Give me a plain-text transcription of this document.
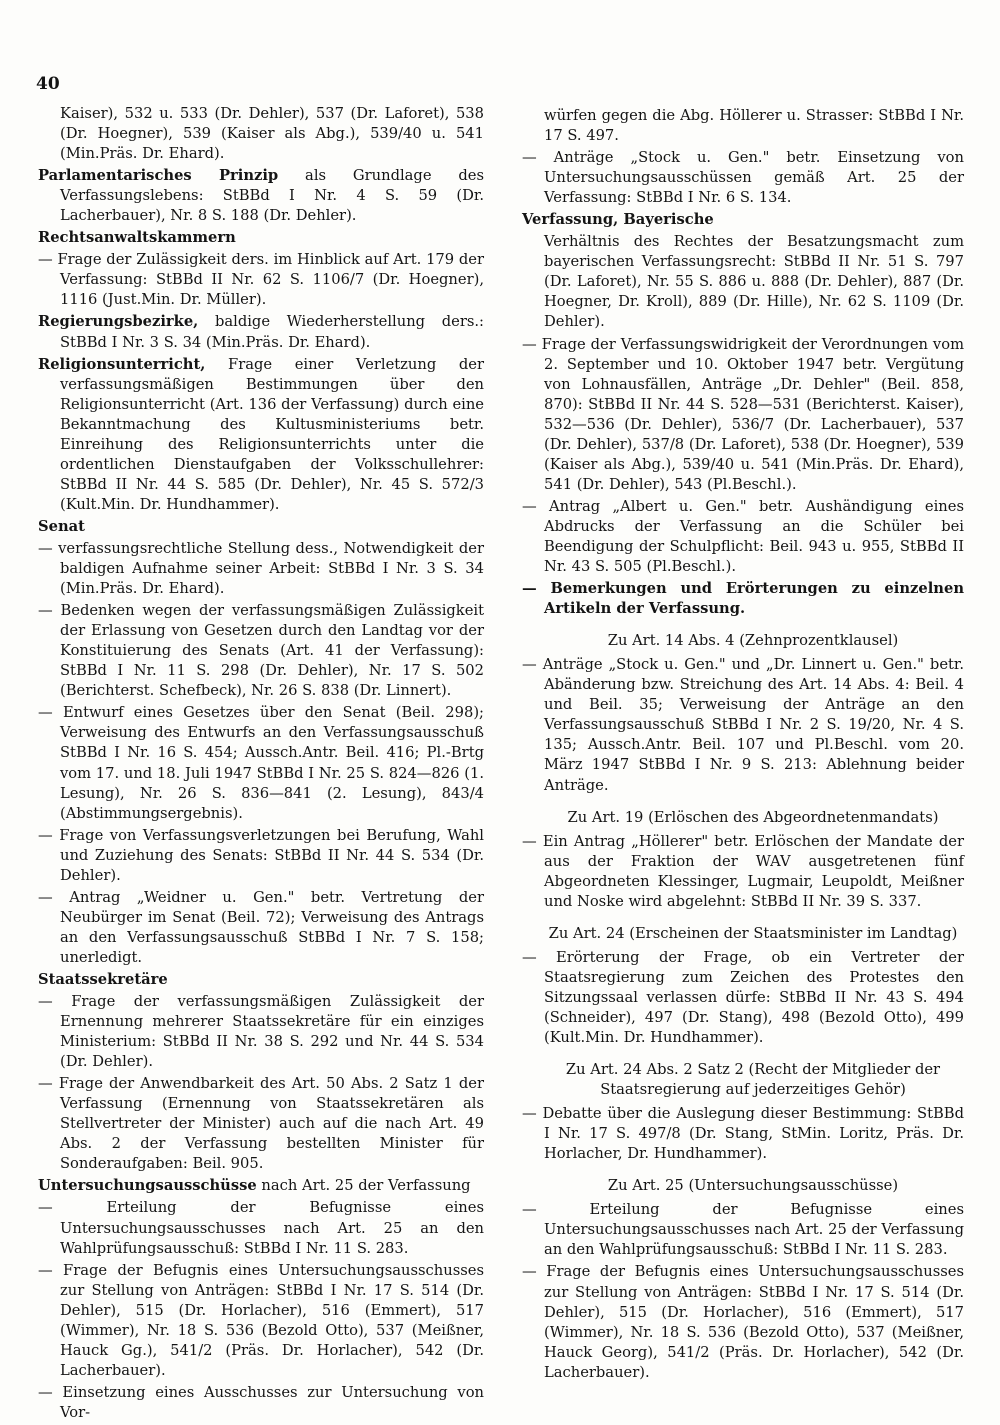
40

Kaiser), 532 u. 533 (Dr. Dehler), 537 (Dr. Laforet), 538 (Dr. Hoegner), 539 (Kaiser als Abg.), 539/40 u. 541 (Min.Präs. Dr. Ehard).

Parlamentarisches Prinzip als Grundlage des Verfassungslebens: StBBd I Nr. 4 S. 59 (Dr. Lacherbauer), Nr. 8 S. 188 (Dr. Dehler).

Rechtsanwaltskammern

— Frage der Zulässigkeit ders. im Hinblick auf Art. 179 der Verfassung: StBBd II Nr. 62 S. 1106/7 (Dr. Hoegner), 1116 (Just.Min. Dr. Müller).

Regierungsbezirke, baldige Wiederherstellung ders.: StBBd I Nr. 3 S. 34 (Min.Präs. Dr. Ehard).

Religionsunterricht, Frage einer Verletzung der verfassungsmäßigen Bestimmungen über den Religionsunterricht (Art. 136 der Verfassung) durch eine Bekanntmachung des Kultusministeriums betr. Einreihung des Religionsunterrichts unter die ordentlichen Dienstaufgaben der Volksschullehrer: StBBd II Nr. 44 S. 585 (Dr. Dehler), Nr. 45 S. 572/3 (Kult.Min. Dr. Hundhammer).

Senat

— verfassungsrechtliche Stellung dess., Notwendigkeit der baldigen Aufnahme seiner Arbeit: StBBd I Nr. 3 S. 34 (Min.Präs. Dr. Ehard).

— Bedenken wegen der verfassungsmäßigen Zulässigkeit der Erlassung von Gesetzen durch den Landtag vor der Konstituierung des Senats (Art. 41 der Verfassung): StBBd I Nr. 11 S. 298 (Dr. Dehler), Nr. 17 S. 502 (Berichterst. Schefbeck), Nr. 26 S. 838 (Dr. Linnert).

— Entwurf eines Gesetzes über den Senat (Beil. 298); Verweisung des Entwurfs an den Verfassungsausschuß StBBd I Nr. 16 S. 454; Aussch.Antr. Beil. 416; Pl.-Brtg vom 17. und 18. Juli 1947 StBBd I Nr. 25 S. 824—826 (1. Lesung), Nr. 26 S. 836—841 (2. Lesung), 843/4 (Abstimmungsergebnis).

— Frage von Verfassungsverletzungen bei Berufung, Wahl und Zuziehung des Senats: StBBd II Nr. 44 S. 534 (Dr. Dehler).

— Antrag „Weidner u. Gen." betr. Vertretung der Neubürger im Senat (Beil. 72); Verweisung des Antrags an den Verfassungsausschuß StBBd I Nr. 7 S. 158; unerledigt.

Staatssekretäre

— Frage der verfassungsmäßigen Zulässigkeit der Ernennung mehrerer Staatssekretäre für ein einziges Ministerium: StBBd II Nr. 38 S. 292 und Nr. 44 S. 534 (Dr. Dehler).

— Frage der Anwendbarkeit des Art. 50 Abs. 2 Satz 1 der Verfassung (Ernennung von Staatssekretären als Stellvertreter der Minister) auch auf die nach Art. 49 Abs. 2 der Verfassung bestellten Minister für Sonderaufgaben: Beil. 905.

Untersuchungsausschüsse nach Art. 25 der Verfassung

— Erteilung der Befugnisse eines Untersuchungsausschusses nach Art. 25 an den Wahlprüfungsausschuß: StBBd I Nr. 11 S. 283.

— Frage der Befugnis eines Untersuchungsausschusses zur Stellung von Anträgen: StBBd I Nr. 17 S. 514 (Dr. Dehler), 515 (Dr. Horlacher), 516 (Emmert), 517 (Wimmer), Nr. 18 S. 536 (Bezold Otto), 537 (Meißner, Hauck Gg.), 541/2 (Präs. Dr. Horlacher), 542 (Dr. Lacherbauer).

— Einsetzung eines Ausschusses zur Untersuchung von Vor-

würfen gegen die Abg. Höllerer u. Strasser: StBBd I Nr. 17 S. 497.

— Anträge „Stock u. Gen." betr. Einsetzung von Untersuchungsausschüssen gemäß Art. 25 der Verfassung: StBBd I Nr. 6 S. 134.

Verfassung, Bayerische

Verhältnis des Rechtes der Besatzungsmacht zum bayerischen Verfassungsrecht: StBBd II Nr. 51 S. 797 (Dr. Laforet), Nr. 55 S. 886 u. 888 (Dr. Dehler), 887 (Dr. Hoegner, Dr. Kroll), 889 (Dr. Hille), Nr. 62 S. 1109 (Dr. Dehler).

— Frage der Verfassungswidrigkeit der Verordnungen vom 2. September und 10. Oktober 1947 betr. Vergütung von Lohnausfällen, Anträge „Dr. Dehler" (Beil. 858, 870): StBBd II Nr. 44 S. 528—531 (Berichterst. Kaiser), 532—536 (Dr. Dehler), 536/7 (Dr. Lacherbauer), 537 (Dr. Dehler), 537/8 (Dr. Laforet), 538 (Dr. Hoegner), 539 (Kaiser als Abg.), 539/40 u. 541 (Min.Präs. Dr. Ehard), 541 (Dr. Dehler), 543 (Pl.Beschl.).

— Antrag „Albert u. Gen." betr. Aushändigung eines Abdrucks der Verfassung an die Schüler bei Beendigung der Schulpflicht: Beil. 943 u. 955, StBBd II Nr. 43 S. 505 (Pl.Beschl.).

— Bemerkungen und Erörterungen zu einzelnen Artikeln der Verfassung.

Zu Art. 14 Abs. 4 (Zehnprozentklausel)

— Anträge „Stock u. Gen." und „Dr. Linnert u. Gen." betr. Abänderung bzw. Streichung des Art. 14 Abs. 4: Beil. 4 und Beil. 35; Verweisung der Anträge an den Verfassungsausschuß StBBd I Nr. 2 S. 19/20, Nr. 4 S. 135; Aussch.Antr. Beil. 107 und Pl.Beschl. vom 20. März 1947 StBBd I Nr. 9 S. 213: Ablehnung beider Anträge.

Zu Art. 19 (Erlöschen des Abgeordnetenmandats)

— Ein Antrag „Höllerer" betr. Erlöschen der Mandate der aus der Fraktion der WAV ausgetretenen fünf Abgeordneten Klessinger, Lugmair, Leupoldt, Meißner und Noske wird abgelehnt: StBBd II Nr. 39 S. 337.

Zu Art. 24 (Erscheinen der Staatsminister im Landtag)

— Erörterung der Frage, ob ein Vertreter der Staatsregierung zum Zeichen des Protestes den Sitzungssaal verlassen dürfe: StBBd II Nr. 43 S. 494 (Schneider), 497 (Dr. Stang), 498 (Bezold Otto), 499 (Kult.Min. Dr. Hundhammer).

Zu Art. 24 Abs. 2 Satz 2 (Recht der Mitglieder der Staatsregierung auf jederzeitiges Gehör)

— Debatte über die Auslegung dieser Bestimmung: StBBd I Nr. 17 S. 497/8 (Dr. Stang, StMin. Loritz, Präs. Dr. Horlacher, Dr. Hundhammer).

Zu Art. 25 (Untersuchungsausschüsse)

— Erteilung der Befugnisse eines Untersuchungsausschusses nach Art. 25 der Verfassung an den Wahlprüfungsausschuß: StBBd I Nr. 11 S. 283.

— Frage der Befugnis eines Untersuchungsausschusses zur Stellung von Anträgen: StBBd I Nr. 17 S. 514 (Dr. Dehler), 515 (Dr. Horlacher), 516 (Emmert), 517 (Wimmer), Nr. 18 S. 536 (Bezold Otto), 537 (Meißner, Hauck Georg), 541/2 (Präs. Dr. Horlacher), 542 (Dr. Lacherbauer).
